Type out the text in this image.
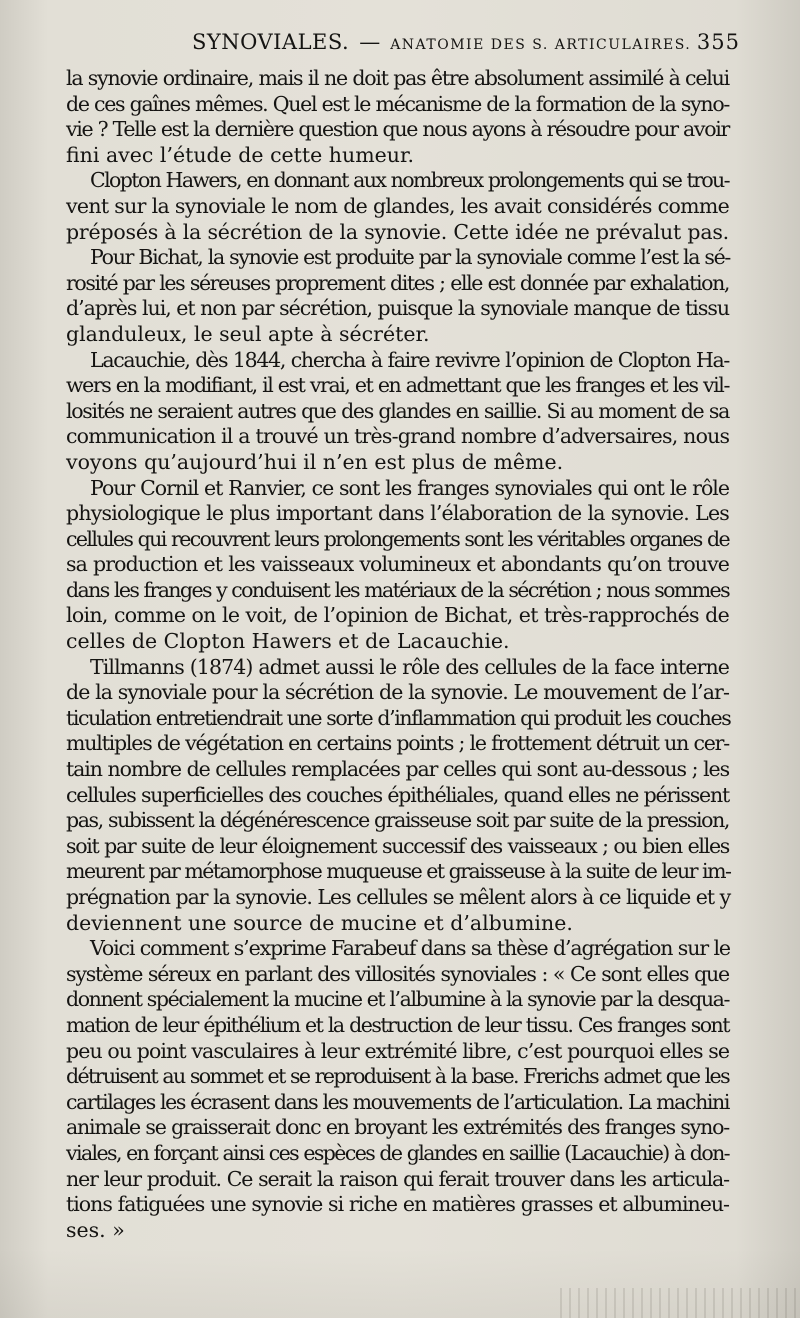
SYNOVIALES. — ANATOMIE DES S. ARTICULAIRES. 355
la synovie ordinaire, mais il ne doit pas être absolument assimilé à celui
de ces gaînes mêmes. Quel est le mécanisme de la formation de la syno-
vie ? Telle est la dernière question que nous ayons à résoudre pour avoir
fini avec l’étude de cette humeur.
Clopton Hawers, en donnant aux nombreux prolongements qui se trou-
vent sur la synoviale le nom de glandes, les avait considérés comme
préposés à la sécrétion de la synovie. Cette idée ne prévalut pas.
Pour Bichat, la synovie est produite par la synoviale comme l’est la sé-
rosité par les séreuses proprement dites ; elle est donnée par exhalation,
d’après lui, et non par sécrétion, puisque la synoviale manque de tissu
glanduleux, le seul apte à sécréter.
Lacauchie, dès 1844, chercha à faire revivre l’opinion de Clopton Ha-
wers en la modifiant, il est vrai, et en admettant que les franges et les vil-
losités ne seraient autres que des glandes en saillie. Si au moment de sa
communication il a trouvé un très-grand nombre d’adversaires, nous
voyons qu’aujourd’hui il n’en est plus de même.
Pour Cornil et Ranvier, ce sont les franges synoviales qui ont le rôle
physiologique le plus important dans l’élaboration de la synovie. Les
cellules qui recouvrent leurs prolongements sont les véritables organes de
sa production et les vaisseaux volumineux et abondants qu’on trouve
dans les franges y conduisent les matériaux de la sécrétion ; nous sommes
loin, comme on le voit, de l’opinion de Bichat, et très-rapprochés de
celles de Clopton Hawers et de Lacauchie.
Tillmanns (1874) admet aussi le rôle des cellules de la face interne
de la synoviale pour la sécrétion de la synovie. Le mouvement de l’ar-
ticulation entretiendrait une sorte d’inflammation qui produit les couches
multiples de végétation en certains points ; le frottement détruit un cer-
tain nombre de cellules remplacées par celles qui sont au-dessous ; les
cellules superficielles des couches épithéliales, quand elles ne périssent
pas, subissent la dégénérescence graisseuse soit par suite de la pression,
soit par suite de leur éloignement successif des vaisseaux ; ou bien elles
meurent par métamorphose muqueuse et graisseuse à la suite de leur im-
prégnation par la synovie. Les cellules se mêlent alors à ce liquide et y
deviennent une source de mucine et d’albumine.
Voici comment s’exprime Farabeuf dans sa thèse d’agrégation sur le
système séreux en parlant des villosités synoviales : « Ce sont elles que
donnent spécialement la mucine et l’albumine à la synovie par la desqua-
mation de leur épithélium et la destruction de leur tissu. Ces franges sont
peu ou point vasculaires à leur extrémité libre, c’est pourquoi elles se
détruisent au sommet et se reproduisent à la base. Frerichs admet que les
cartilages les écrasent dans les mouvements de l’articulation. La machini
animale se graisserait donc en broyant les extrémités des franges syno-
viales, en forçant ainsi ces espèces de glandes en saillie (Lacauchie) à don-
ner leur produit. Ce serait la raison qui ferait trouver dans les articula-
tions fatiguées une synovie si riche en matières grasses et albumineu-
ses. »
